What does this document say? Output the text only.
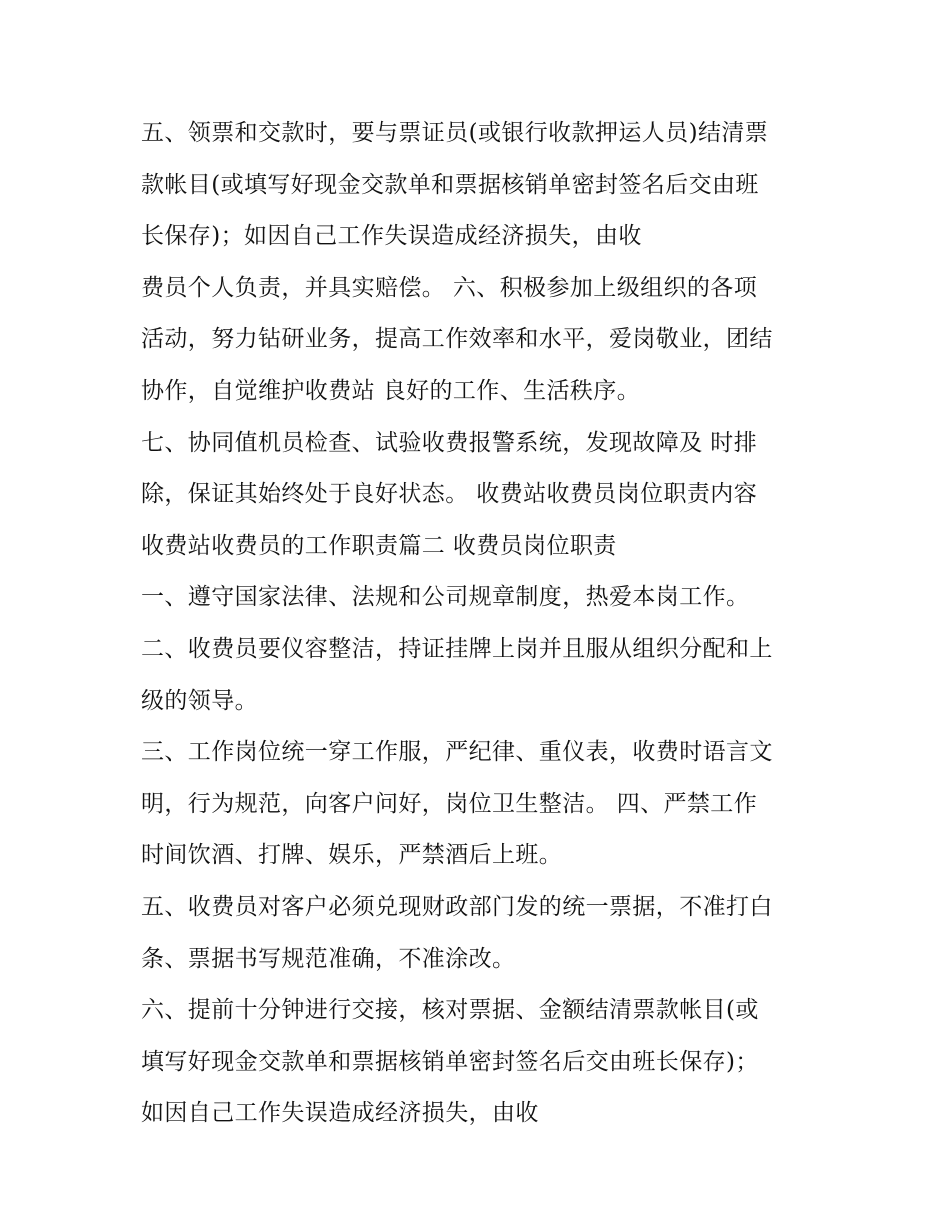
五、领票和交款时，要与票证员(或银行收款押运人员)结清票
款帐目(或填写好现金交款单和票据核销单密封签名后交由班
长保存)；如因自己工作失误造成经济损失，由收
费员个人负责，并具实赔偿。 六、积极参加上级组织的各项
活动，努力钻研业务，提高工作效率和水平，爱岗敬业，团结
协作，自觉维护收费站 良好的工作、生活秩序。
七、协同值机员检查、试验收费报警系统，发现故障及 时排
除，保证其始终处于良好状态。 收费站收费员岗位职责内容
收费站收费员的工作职责篇二 收费员岗位职责
一、遵守国家法律、法规和公司规章制度，热爱本岗工作。
二、收费员要仪容整洁，持证挂牌上岗并且服从组织分配和上
级的领导。
三、工作岗位统一穿工作服，严纪律、重仪表，收费时语言文
明，行为规范，向客户问好，岗位卫生整洁。 四、严禁工作
时间饮酒、打牌、娱乐，严禁酒后上班。
五、收费员对客户必须兑现财政部门发的统一票据，不准打白
条、票据书写规范准确，不准涂改。
六、提前十分钟进行交接，核对票据、金额结清票款帐目(或
填写好现金交款单和票据核销单密封签名后交由班长保存)；
如因自己工作失误造成经济损失，由收
